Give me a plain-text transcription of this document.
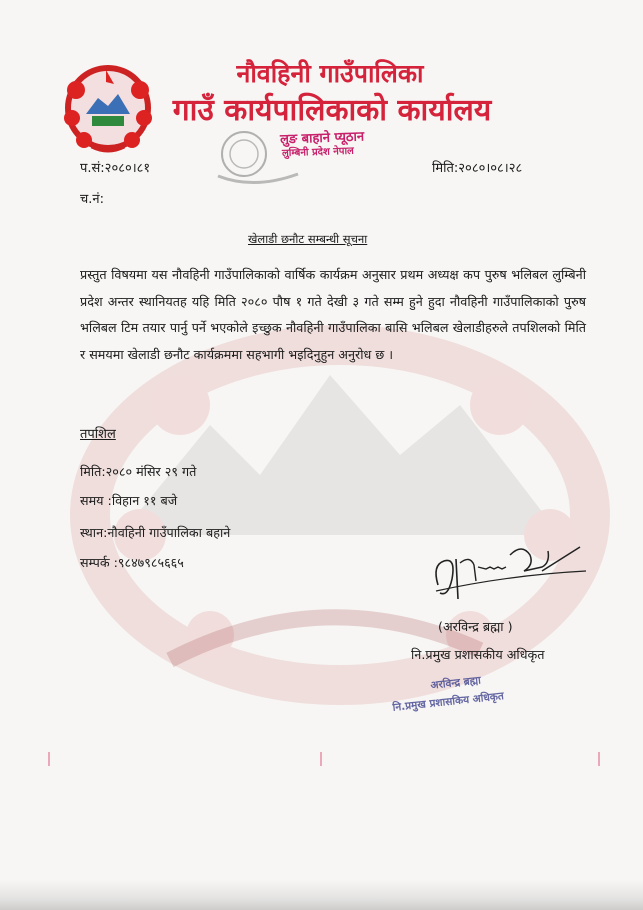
नौवहिनी गाउँपालिका
गाउँ कार्यपालिकाको कार्यालय
लुङ बाहाने प्यूठान
लुम्बिनी प्रदेश नेपाल
प.सं:२०८०।८१
च.नं:
मिति:२०८०।०८।२८
खेलाडी छनौट सम्बन्धी सूचना
प्रस्तुत विषयमा यस नौवहिनी गाउँपालिकाको वार्षिक कार्यक्रम अनुसार प्रथम अध्यक्ष कप पुरुष भलिबल लुम्बिनी प्रदेश अन्तर स्थानियतह यहि मिति २०८० पौष १ गते देखी ३ गते सम्म हुने हुदा नौवहिनी गाउँपालिकाको पुरुष भलिबल टिम तयार पार्नु पर्ने भएकोले इच्छुक नौवहिनी गाउँपालिका बासि भलिबल खेलाडीहरुले तपशिलको मिति र समयमा खेलाडी छनौट कार्यक्रममा सहभागी भइदिनुहुन अनुरोध छ ।
तपशिल
मिति:२०८० मंसिर २९ गते
समय :विहान ११ बजे
स्थान:नौवहिनी गाउँपालिका बहाने
सम्पर्क :९८४७९८५६६५
(अरविन्द्र ब्रह्मा )
नि.प्रमुख प्रशासकीय अधिकृत
अरविन्द्र ब्रह्मा
नि.प्रमुख प्रशासकिय अधिकृत
